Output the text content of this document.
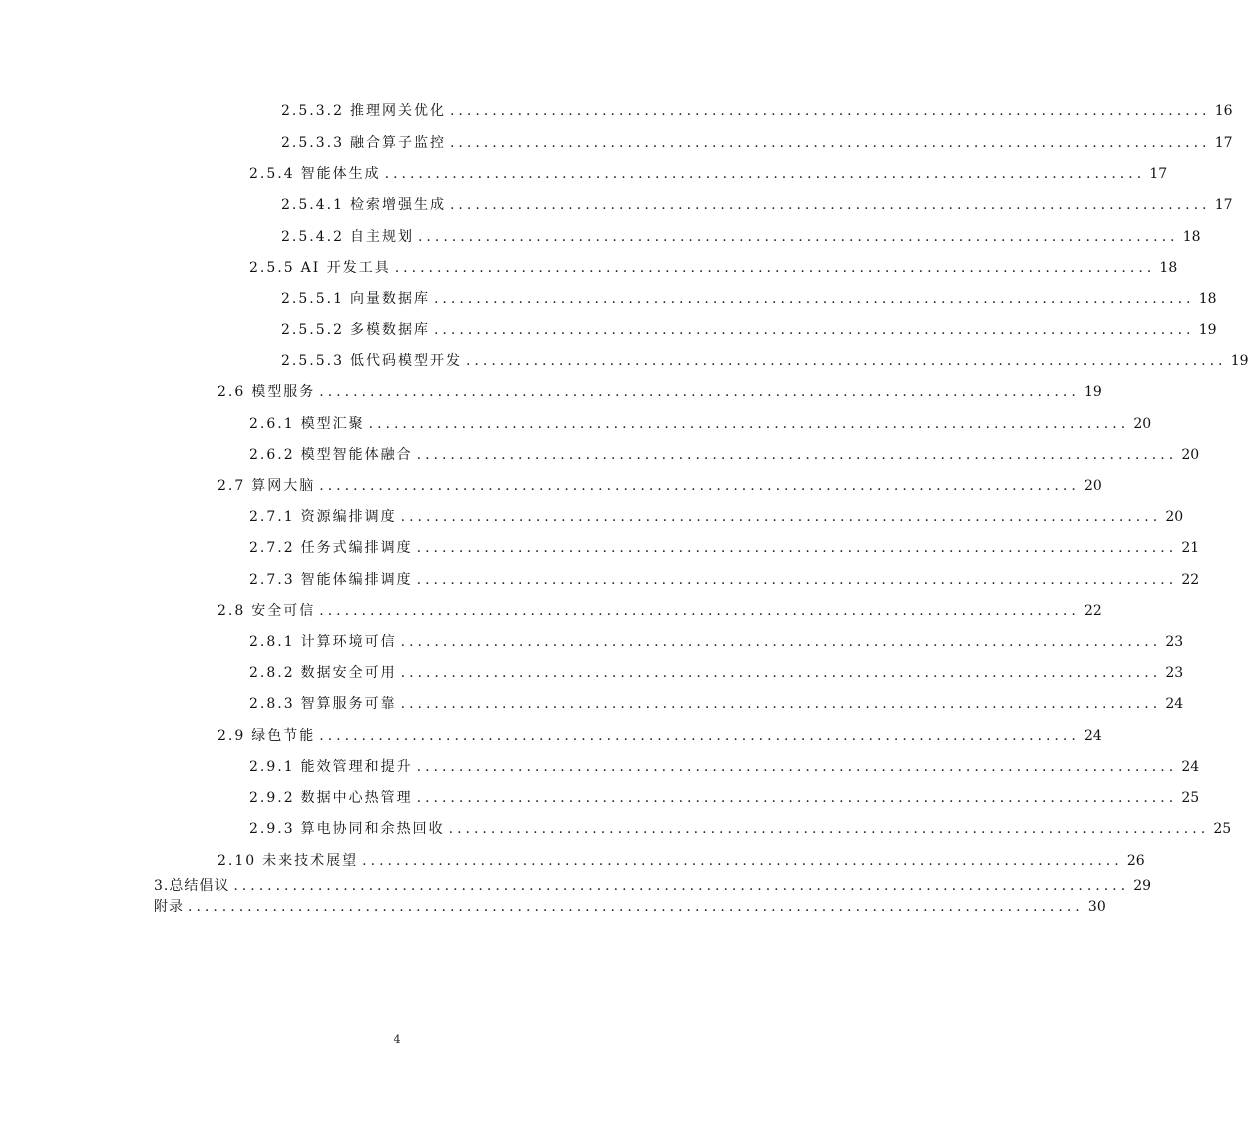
2.5.3.2 推理网关优化 .......................................................................................... 16
2.5.3.3 融合算子监控 .......................................................................................... 17
2.5.4 智能体生成 .......................................................................................... 17
2.5.4.1 检索增强生成 .......................................................................................... 17
2.5.4.2 自主规划 .......................................................................................... 18
2.5.5 AI 开发工具 .......................................................................................... 18
2.5.5.1 向量数据库 .......................................................................................... 18
2.5.5.2 多模数据库 .......................................................................................... 19
2.5.5.3 低代码模型开发 .......................................................................................... 19
2.6 模型服务 .......................................................................................... 19
2.6.1 模型汇聚 .......................................................................................... 20
2.6.2 模型智能体融合 .......................................................................................... 20
2.7 算网大脑 .......................................................................................... 20
2.7.1 资源编排调度 .......................................................................................... 20
2.7.2 任务式编排调度 .......................................................................................... 21
2.7.3 智能体编排调度 .......................................................................................... 22
2.8 安全可信 .......................................................................................... 22
2.8.1 计算环境可信 .......................................................................................... 23
2.8.2 数据安全可用 .......................................................................................... 23
2.8.3 智算服务可靠 .......................................................................................... 24
2.9 绿色节能 .......................................................................................... 24
2.9.1 能效管理和提升 .......................................................................................... 24
2.9.2 数据中心热管理 .......................................................................................... 25
2.9.3 算电协同和余热回收 .......................................................................................... 25
2.10 未来技术展望 .......................................................................................... 26
3. 总结倡议 .......................................................................................................... 29
附录 .......................................................................................................... 30
4
